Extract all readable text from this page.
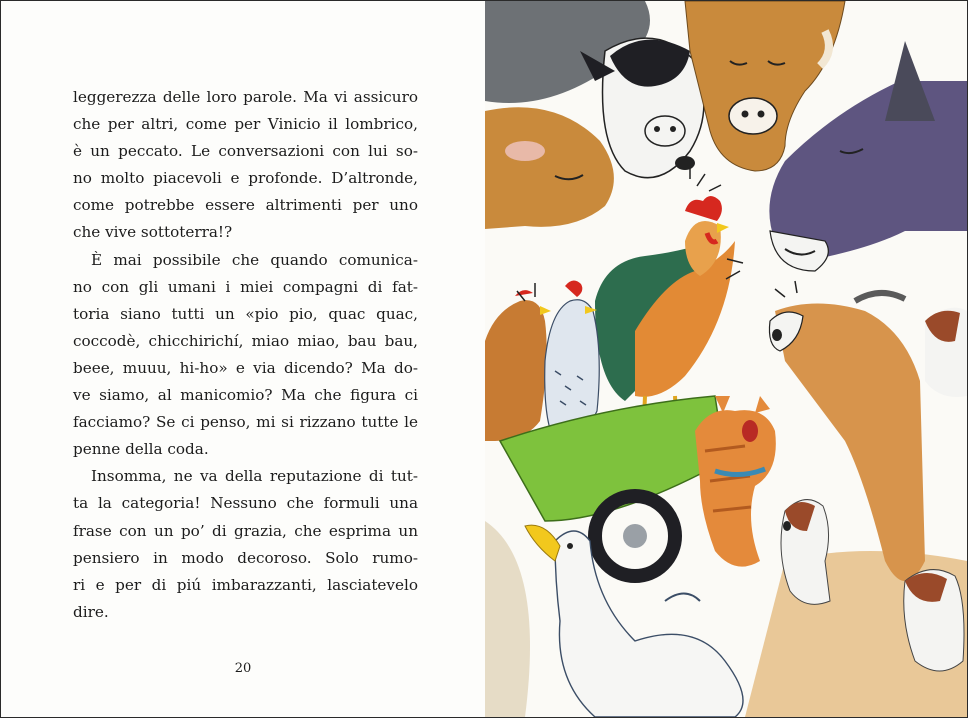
leggerezza delle loro parole. Ma vi assicuro
che per altri, come per Vinicio il lombrico,
è un peccato. Le conversazioni con lui so-
no molto piacevoli e profonde. D’altronde,
come potrebbe essere altrimenti per uno
che vive sottoterra!?
È mai possibile che quando comunica-
no con gli umani i miei compagni di fat-
toria siano tutti un «pio pio, quac quac,
coccodè, chicchirichí, miao miao, bau bau,
beee, muuu, hi-ho» e via dicendo? Ma do-
ve siamo, al manicomio? Ma che figura ci
facciamo? Se ci penso, mi si rizzano tutte le
penne della coda.
Insomma, ne va della reputazione di tut-
ta la categoria! Nessuno che formuli una
frase con un po’ di grazia, che esprima un
pensiero in modo decoroso. Solo rumo-
ri e per di piú imbarazzanti, lasciatevelo
dire.
20
